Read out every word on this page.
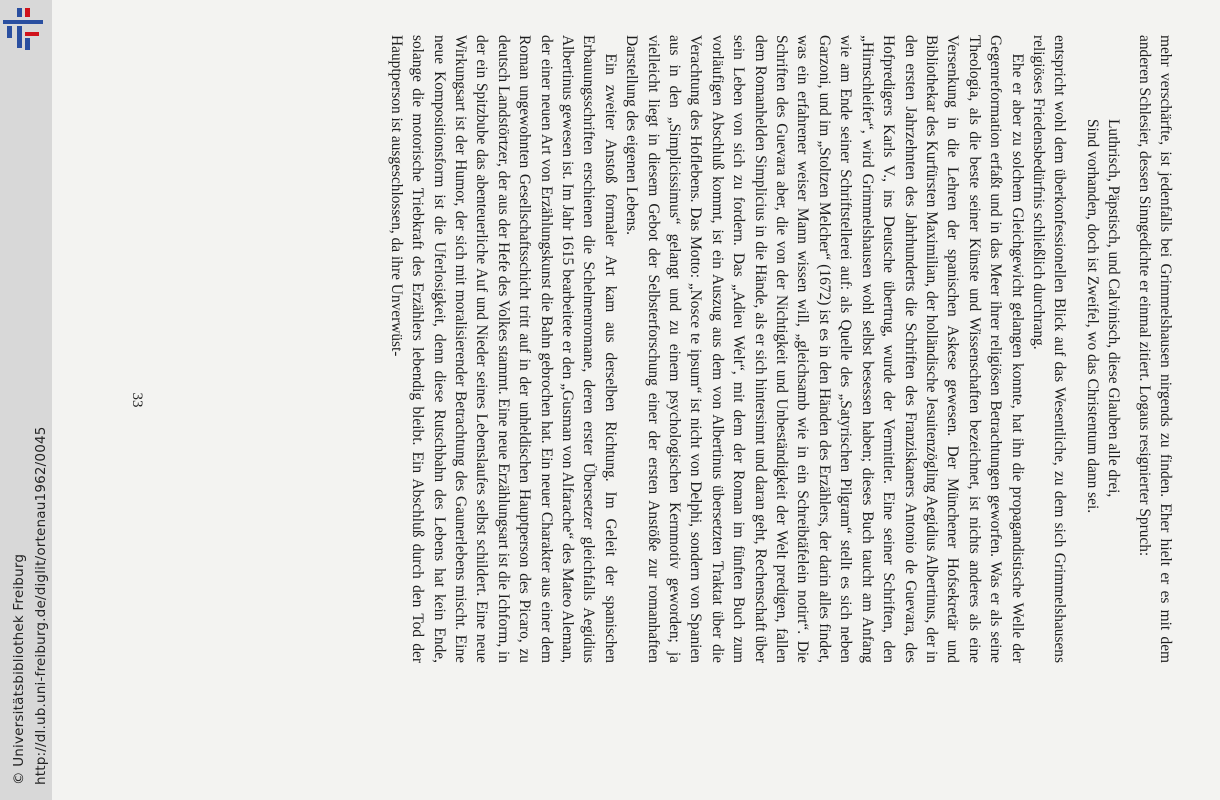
http://dl.ub.uni-freiburg.de/diglit/ortenau1962/0045
© Universitätsbibliothek Freiburg

mehr verschärfte, ist jedenfalls bei Grimmelshausen nirgends zu finden. Eher hielt er es mit dem anderen Schlesier, dessen Sinngedichte er einmal zitiert. Logaus resignierter Spruch:

Luthrisch, Päpstisch, und Calvinisch, diese Glauben alle drei,
Sind vorhanden, doch ist Zweifel, wo das Christentum dann sei.

entspricht wohl dem überkonfessionellen Blick auf das Wesentliche, zu dem sich Grimmelshausens religiöses Friedensbedürfnis schließlich durchrang.

Ehe er aber zu solchem Gleichgewicht gelangen konnte, hat ihn die propagandistische Welle der Gegenreformation erfaßt und in das Meer ihrer religiösen Betrachtungen geworfen. Was er als seine Theologia, als die beste seiner Künste und Wissenschaften bezeichnet, ist nichts anderes als eine Versenkung in die Lehren der spanischen Askese gewesen. Der Münchener Hofsekretär und Bibliothekar des Kurfürsten Maximilian, der holländische Jesuitenzögling Aegidius Albertinus, der in den ersten Jahrzehnten des Jahrhunderts die Schriften des Franziskaners Antonio de Guevara, des Hofpredigers Karls V., ins Deutsche übertrug, wurde der Vermittler. Eine seiner Schriften, den „Hirnschleifer“, wird Grimmelshausen wohl selbst besessen haben; dieses Buch taucht am Anfang wie am Ende seiner Schriftstellerei auf: als Quelle des „Satyrischen Pilgram“ stellt es sich neben Garzoni, und im „Stoltzen Melcher“ (1672) ist es in den Händen des Erzählers, der darin alles findet, was ein erfahrener weiser Mann wissen will, „gleichsamb wie in ein Schreibtäfelein notirt“. Die Schriften des Guevara aber, die von der Nichtigkeit und Unbeständigkeit der Welt predigen, fallen dem Romanhelden Simplicius in die Hände, als er sich hintersinnt und daran geht, Rechenschaft über sein Leben von sich zu fordern. Das „Adieu Welt“, mit dem der Roman im fünften Buch zum vorläufigen Abschluß kommt, ist ein Auszug aus dem von Albertinus übersetzten Traktat über die Verachtung des Hoflebens. Das Motto: „Nosce te ipsum“ ist nicht von Delphi, sondern von Spanien aus in den „Simplicissimus“ gelangt und zu einem psychologischen Kernmotiv geworden; ja vielleicht liegt in diesem Gebot der Selbsterforschung einer der ersten Anstöße zur romanhaften Darstellung des eigenen Lebens.

Ein zweiter Anstoß formaler Art kam aus derselben Richtung. Im Geleit der spanischen Erbauungsschriften erschienen die Schelmenromane, deren erster Übersetzer gleichfalls Aegidius Albertinus gewesen ist. Im Jahr 1615 bearbeitete er den „Gusman von Alfarache“ des Mateo Aleman, der einer neuen Art von Erzählungskunst die Bahn gebrochen hat. Ein neuer Charakter aus einer dem Roman ungewohnten Gesellschaftsschicht tritt auf in der unheldischen Hauptperson des Picaro, zu deutsch Landstörtzer, der aus der Hefe des Volkes stammt. Eine neue Erzählungsart ist die Ichform, in der ein Spitzbube das abenteuerliche Auf und Nieder seines Lebenslaufes selbst schildert. Eine neue Wirkungsart ist der Humor, der sich mit moralisierender Betrachtung des Gaunerlebens mischt. Eine neue Kompositionsform ist die Uferlosigkeit, denn diese Rutschbahn des Lebens hat kein Ende, solange die motorische Triebkraft des Erzählers lebendig bleibt. Ein Abschluß durch den Tod der Hauptperson ist ausgeschlossen, da ihre Unverwüst-

33
